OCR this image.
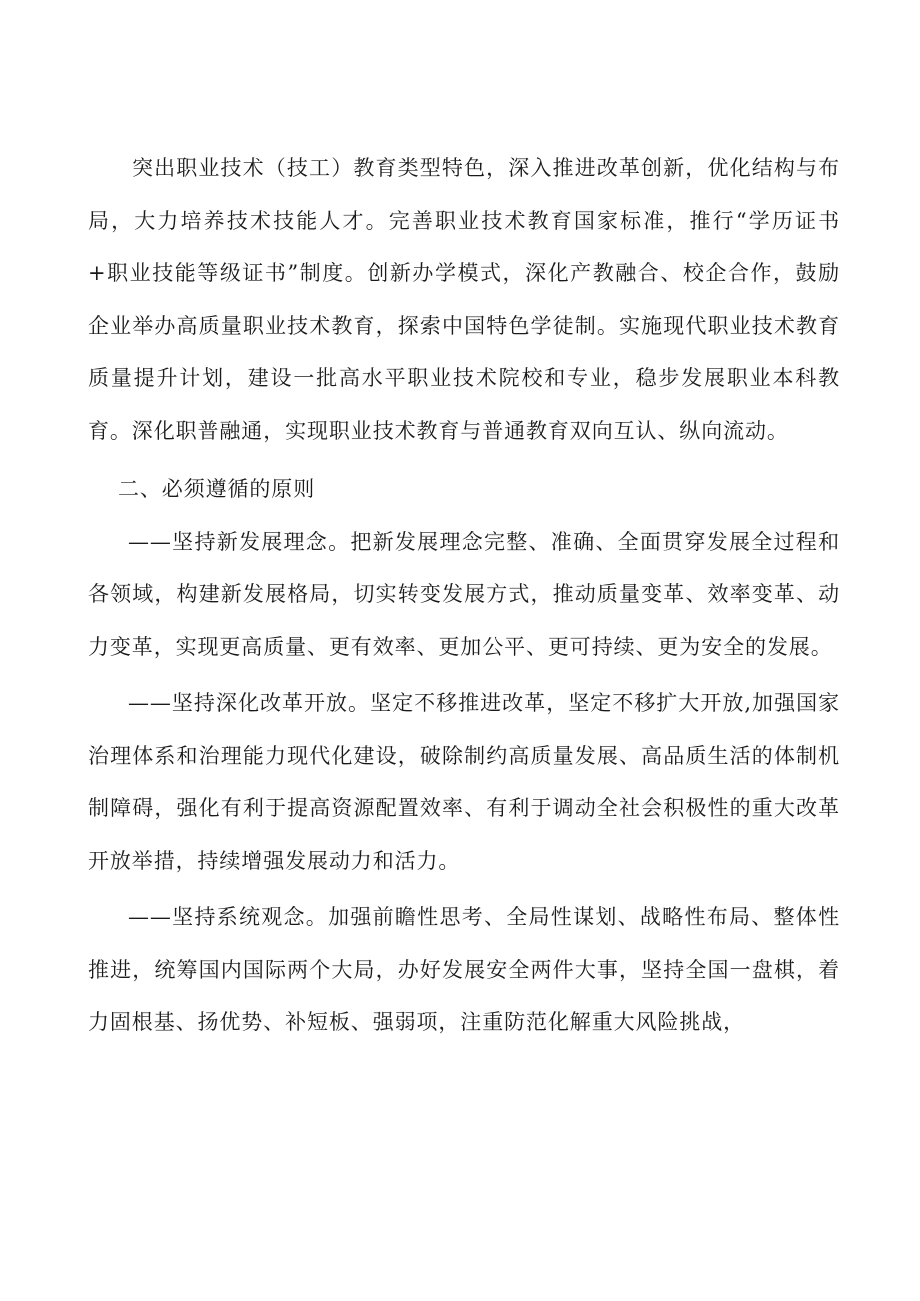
突出职业技术（技工）教育类型特色，深入推进改革创新，优化结构与布局，大力培养技术技能人才。完善职业技术教育国家标准，推行“学历证书+职业技能等级证书”制度。创新办学模式，深化产教融合、校企合作，鼓励企业举办高质量职业技术教育，探索中国特色学徒制。实施现代职业技术教育质量提升计划，建设一批高水平职业技术院校和专业，稳步发展职业本科教育。深化职普融通，实现职业技术教育与普通教育双向互认、纵向流动。

二、必须遵循的原则

——坚持新发展理念。把新发展理念完整、准确、全面贯穿发展全过程和各领域，构建新发展格局，切实转变发展方式，推动质量变革、效率变革、动力变革，实现更高质量、更有效率、更加公平、更可持续、更为安全的发展。

——坚持深化改革开放。坚定不移推进改革，坚定不移扩大开放,加强国家治理体系和治理能力现代化建设，破除制约高质量发展、高品质生活的体制机制障碍，强化有利于提高资源配置效率、有利于调动全社会积极性的重大改革开放举措，持续增强发展动力和活力。

——坚持系统观念。加强前瞻性思考、全局性谋划、战略性布局、整体性推进，统筹国内国际两个大局，办好发展安全两件大事，坚持全国一盘棋，着力固根基、扬优势、补短板、强弱项，注重防范化解重大风险挑战，
